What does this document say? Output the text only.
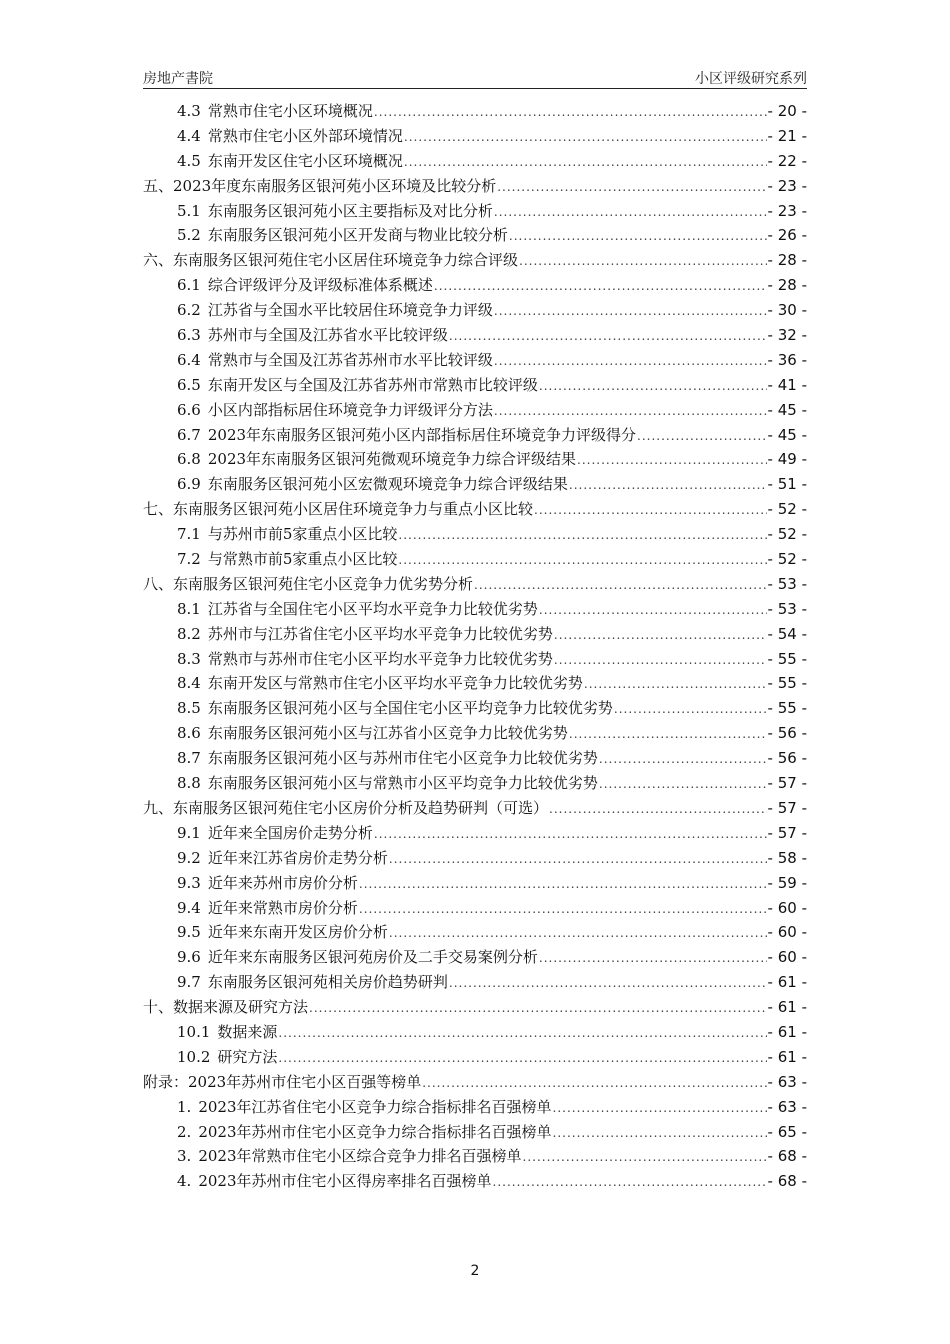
房地产書院	小区评级研究系列
4.3 常熟市住宅小区环境概况 .....	- 20 -
4.4 常熟市住宅小区外部环境情况 .....	- 21 -
4.5 东南开发区住宅小区环境概况 .....	- 22 -
五、 2023年度东南服务区银河苑小区环境及比较分析 .....	- 23 -
5.1 东南服务区银河苑小区主要指标及对比分析 .....	- 23 -
5.2 东南服务区银河苑小区开发商与物业比较分析 .....	- 26 -
六、 东南服务区银河苑住宅小区居住环境竞争力综合评级 .....	- 28 -
6.1 综合评级评分及评级标准体系概述 .....	- 28 -
6.2 江苏省与全国水平比较居住环境竞争力评级 .....	- 30 -
6.3 苏州市与全国及江苏省水平比较评级 .....	- 32 -
6.4 常熟市与全国及江苏省苏州市水平比较评级 .....	- 36 -
6.5 东南开发区与全国及江苏省苏州市常熟市比较评级 .....	- 41 -
6.6 小区内部指标居住环境竞争力评级评分方法 .....	- 45 -
6.7 2023年东南服务区银河苑小区内部指标居住环境竞争力评级得分 .....	- 45 -
6.8 2023年东南服务区银河苑微观环境竞争力综合评级结果 .....	- 49 -
6.9 东南服务区银河苑小区宏微观环境竞争力综合评级结果 .....	- 51 -
七、 东南服务区银河苑小区居住环境竞争力与重点小区比较 .....	- 52 -
7.1 与苏州市前5家重点小区比较 .....	- 52 -
7.2 与常熟市前5家重点小区比较 .....	- 52 -
八、 东南服务区银河苑住宅小区竞争力优劣势分析 .....	- 53 -
8.1 江苏省与全国住宅小区平均水平竞争力比较优劣势 .....	- 53 -
8.2 苏州市与江苏省住宅小区平均水平竞争力比较优劣势 .....	- 54 -
8.3 常熟市与苏州市住宅小区平均水平竞争力比较优劣势 .....	- 55 -
8.4 东南开发区与常熟市住宅小区平均水平竞争力比较优劣势 .....	- 55 -
8.5 东南服务区银河苑小区与全国住宅小区平均竞争力比较优劣势 .....	- 55 -
8.6 东南服务区银河苑小区与江苏省小区竞争力比较优劣势 .....	- 56 -
8.7 东南服务区银河苑小区与苏州市住宅小区竞争力比较优劣势 .....	- 56 -
8.8 东南服务区银河苑小区与常熟市小区平均竞争力比较优劣势 .....	- 57 -
九、 东南服务区银河苑住宅小区房价分析及趋势研判（可选） .....	- 57 -
9.1 近年来全国房价走势分析 .....	- 57 -
9.2 近年来江苏省房价走势分析 .....	- 58 -
9.3 近年来苏州市房价分析 .....	- 59 -
9.4 近年来常熟市房价分析 .....	- 60 -
9.5 近年来东南开发区房价分析 .....	- 60 -
9.6 近年来东南服务区银河苑房价及二手交易案例分析 .....	- 60 -
9.7 东南服务区银河苑相关房价趋势研判 .....	- 61 -
十、 数据来源及研究方法 .....	- 61 -
10.1 数据来源 .....	- 61 -
10.2 研究方法 .....	- 61 -
附录： 2023年苏州市住宅小区百强等榜单 .....	- 63 -
1. 2023年江苏省住宅小区竞争力综合指标排名百强榜单 .....	- 63 -
2. 2023年苏州市住宅小区竞争力综合指标排名百强榜单 .....	- 65 -
3. 2023年常熟市住宅小区综合竞争力排名百强榜单 .....	- 68 -
4. 2023年苏州市住宅小区得房率排名百强榜单 .....	- 68 -
2
